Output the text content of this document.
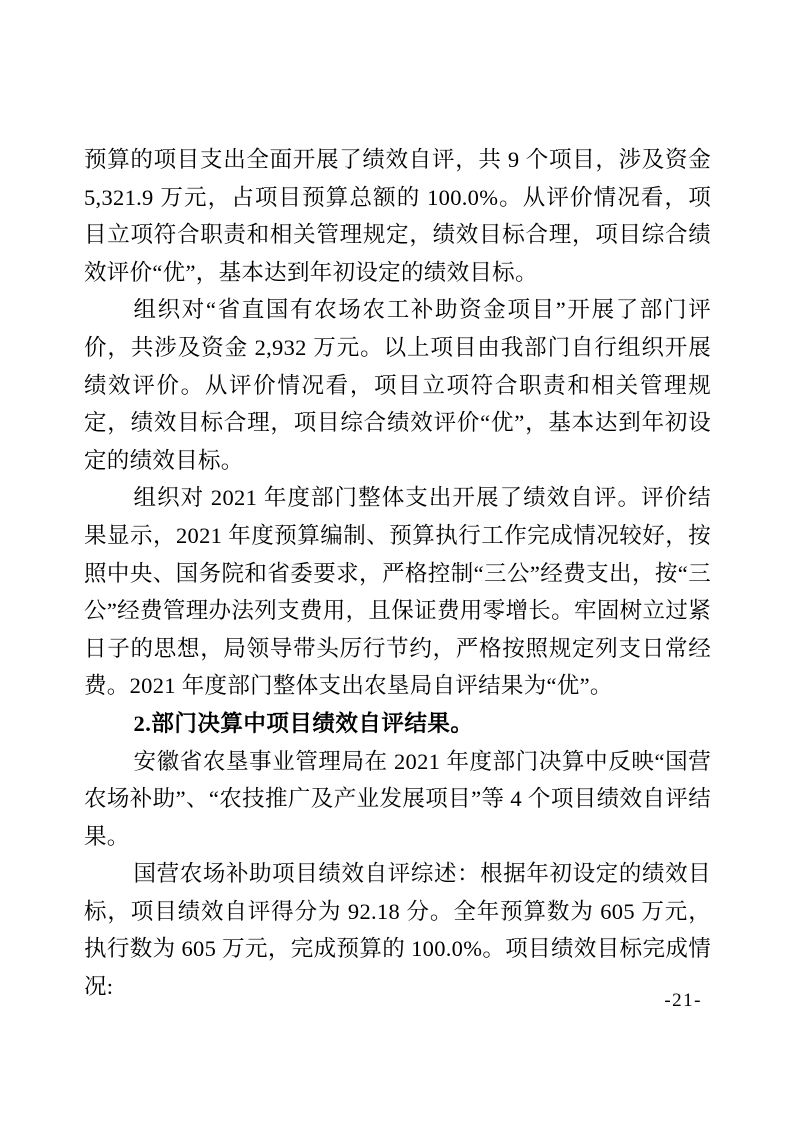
预算的项目支出全面开展了绩效自评，共 9 个项目，涉及资金 5,321.9 万元，占项目预算总额的 100.0%。从评价情况看，项目立项符合职责和相关管理规定，绩效目标合理，项目综合绩效评价“优”，基本达到年初设定的绩效目标。

组织对“省直国有农场农工补助资金项目”开展了部门评价，共涉及资金 2,932 万元。以上项目由我部门自行组织开展绩效评价。从评价情况看，项目立项符合职责和相关管理规定，绩效目标合理，项目综合绩效评价“优”，基本达到年初设定的绩效目标。

组织对 2021 年度部门整体支出开展了绩效自评。评价结果显示，2021 年度预算编制、预算执行工作完成情况较好，按照中央、国务院和省委要求，严格控制“三公”经费支出，按“三公”经费管理办法列支费用，且保证费用零增长。牢固树立过紧日子的思想，局领导带头厉行节约，严格按照规定列支日常经费。2021 年度部门整体支出农垦局自评结果为“优”。

2.部门决算中项目绩效自评结果。

安徽省农垦事业管理局在 2021 年度部门决算中反映“国营农场补助”、“农技推广及产业发展项目”等 4 个项目绩效自评结果。

国营农场补助项目绩效自评综述：根据年初设定的绩效目标，项目绩效自评得分为 92.18 分。全年预算数为 605 万元，执行数为 605 万元，完成预算的 100.0%。项目绩效目标完成情况:

-21-
